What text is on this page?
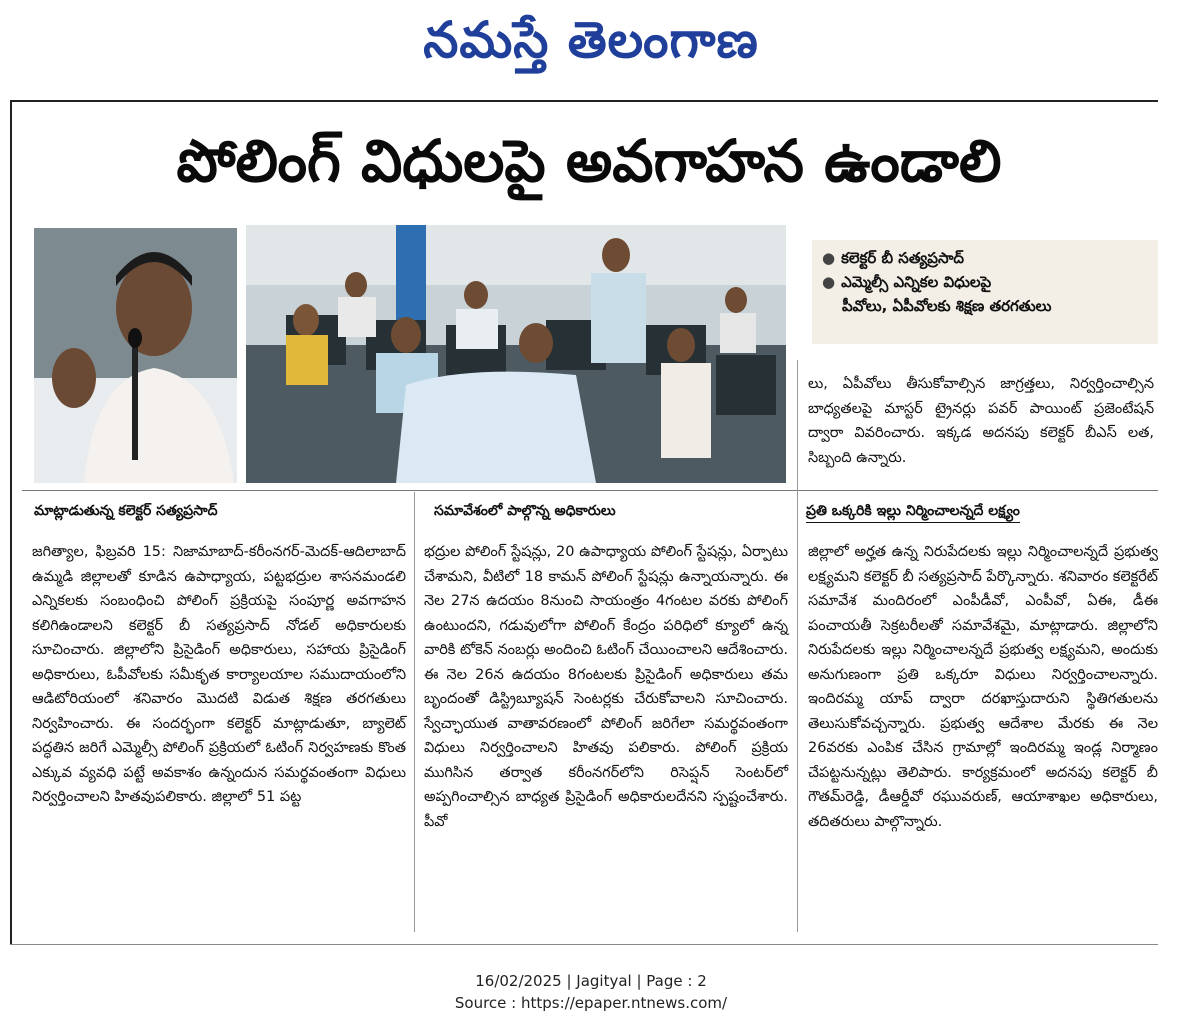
నమస్తే తెలంగాణ
పోలింగ్ విధులపై అవగాహన ఉండాలి
● కలెక్టర్ బీ సత్యప్రసాద్
● ఎమ్మెల్సీ ఎన్నికల విధులపై
పీవోలు, ఏపీవోలకు శిక్షణ తరగతులు
లు, ఏపీవోలు తీసుకోవాల్సిన జాగ్రత్తలు, నిర్వర్తించాల్సిన బాధ్యతలపై మాస్టర్ ట్రైనర్లు పవర్ పాయింట్ ప్రజెంటేషన్ ద్వారా వివరించారు. ఇక్కడ అదనపు కలెక్టర్ బీఎస్ లత, సిబ్బంది ఉన్నారు.
మాట్లాడుతున్న కలెక్టర్ సత్యప్రసాద్	సమావేశంలో పాల్గొన్న అధికారులు	ప్రతి ఒక్కరికి ఇల్లు నిర్మించాలన్నదే లక్ష్యం
జగిత్యాల, ఫిబ్రవరి 15: నిజామాబాద్-కరీంనగర్-మెదక్-ఆదిలాబాద్ ఉమ్మడి జిల్లాలతో కూడిన ఉపాధ్యాయ, పట్టభద్రుల శాసనమండలి ఎన్నికలకు సంబంధించి పోలింగ్ ప్రక్రియపై సంపూర్ణ అవగాహన కలిగిఉండాలని కలెక్టర్ బీ సత్యప్రసాద్ నోడల్ అధికారులకు సూచించారు. జిల్లాలోని ప్రిసైడింగ్ అధికారులు, సహాయ ప్రిసైడింగ్ అధికారులు, ఓపీవోలకు సమీకృత కార్యాలయాల సముదాయంలోని ఆడిటోరియంలో శనివారం మొదటి విడుత శిక్షణ తరగతులు నిర్వహించారు. ఈ సందర్భంగా కలెక్టర్ మాట్లాడుతూ, బ్యాలెట్ పద్ధతిన జరిగే ఎమ్మెల్సీ పోలింగ్ ప్రక్రియలో ఓటింగ్ నిర్వహణకు కొంత ఎక్కువ వ్యవధి పట్టే అవకాశం ఉన్నందున సమర్థవంతంగా విధులు నిర్వర్తించాలని హితవుపలికారు. జిల్లాలో 51 పట్ట
భద్రుల పోలింగ్ స్టేషన్లు, 20 ఉపాధ్యాయ పోలింగ్ స్టేషన్లు, ఏర్పాటు చేశామని, వీటిలో 18 కామన్ పోలింగ్ స్టేషన్లు ఉన్నాయన్నారు. ఈ నెల 27న ఉదయం 8నుంచి సాయంత్రం 4గంటల వరకు పోలింగ్ ఉంటుందని, గడువులోగా పోలింగ్ కేంద్రం పరిధిలో క్యూలో ఉన్న వారికి టోకెన్ నంబర్లు అందించి ఓటింగ్ చేయించాలని ఆదేశించారు. ఈ నెల 26న ఉదయం 8గంటలకు ప్రిసైడింగ్ అధికారులు తమ బృందంతో డిస్ట్రిబ్యూషన్ సెంటర్లకు చేరుకోవాలని సూచించారు. స్వేచ్ఛాయుత వాతావరణంలో పోలింగ్ జరిగేలా సమర్థవంతంగా విధులు నిర్వర్తించాలని హితవు పలికారు. పోలింగ్ ప్రక్రియ ముగిసిన తర్వాత కరీంనగర్‌లోని రిసెప్షన్ సెంటర్‌లో అప్పగించాల్సిన బాధ్యత ప్రిసైడింగ్ అధికారులదేనని స్పష్టంచేశారు. పీవో
జిల్లాలో అర్హత ఉన్న నిరుపేదలకు ఇల్లు నిర్మించాలన్నదే ప్రభుత్వ లక్ష్యమని కలెక్టర్ బీ సత్యప్రసాద్ పేర్కొన్నారు. శనివారం కలెక్టరేట్ సమావేశ మందిరంలో ఎంపీడీవో, ఎంపీవో, ఏఈ, డీఈ పంచాయతీ సెక్రటరీలతో సమావేశమై, మాట్లాడారు. జిల్లాలోని నిరుపేదలకు ఇల్లు నిర్మించాలన్నదే ప్రభుత్వ లక్ష్యమని, అందుకు అనుగుణంగా ప్రతి ఒక్కరూ విధులు నిర్వర్తించాలన్నారు. ఇందిరమ్మ యాప్ ద్వారా దరఖాస్తుదారుని స్థితిగతులను తెలుసుకోవచ్చన్నారు. ప్రభుత్వ ఆదేశాల మేరకు ఈ నెల 26వరకు ఎంపిక చేసిన గ్రామాల్లో ఇందిరమ్మ ఇండ్ల నిర్మాణం చేపట్టనున్నట్లు తెలిపారు. కార్యక్రమంలో అదనపు కలెక్టర్ బీ గౌతమ్‌రెడ్డి, డీఆర్డీవో రఘువరుణ్, ఆయాశాఖల అధికారులు, తదితరులు పాల్గొన్నారు.
16/02/2025 | Jagityal | Page : 2
Source : https://epaper.ntnews.com/
